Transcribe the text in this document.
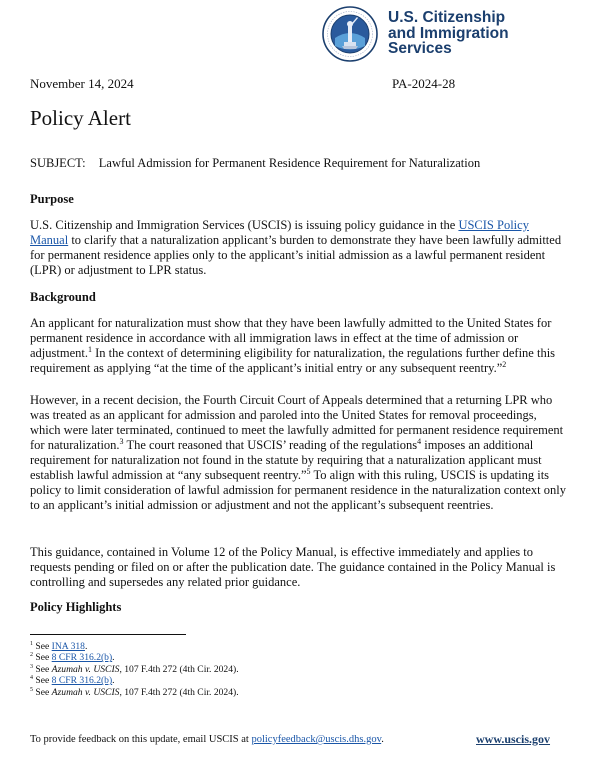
U.S. Citizenship
and Immigration
Services
November 14, 2024	PA-2024-28
Policy Alert
SUBJECT: Lawful Admission for Permanent Residence Requirement for Naturalization
Purpose

U.S. Citizenship and Immigration Services (USCIS) is issuing policy guidance in the USCIS Policy
Manual to clarify that a naturalization applicant’s burden to demonstrate they have been lawfully admitted for permanent residence applies only to the applicant’s initial admission as a lawful permanent resident (LPR) or adjustment to LPR status.

Background

An applicant for naturalization must show that they have been lawfully admitted to the United States for permanent residence in accordance with all immigration laws in effect at the time of admission or adjustment.$^1$ In the context of determining eligibility for naturalization, the regulations further define this requirement as applying “at the time of the applicant’s initial entry or any subsequent reentry.”$^2$

However, in a recent decision, the Fourth Circuit Court of Appeals determined that a returning LPR who was treated as an applicant for admission and paroled into the United States for removal proceedings, which were later terminated, continued to meet the lawfully admitted for permanent residence requirement for naturalization.$^3$ The court reasoned that USCIS’ reading of the regulations$^4$ imposes an additional requirement for naturalization not found in the statute by requiring that a naturalization applicant must establish lawful admission at “any subsequent reentry.”$^5$ To align with this ruling, USCIS is updating its policy to limit consideration of lawful admission for permanent residence in the naturalization context only to an applicant’s initial admission or adjustment and not the applicant’s subsequent reentries.

This guidance, contained in Volume 12 of the Policy Manual, is effective immediately and applies to requests pending or filed on or after the publication date. The guidance contained in the Policy Manual is controlling and supersedes any related prior guidance.

Policy Highlights
$^1$ See INA 318.
$^2$ See 8 CFR 316.2(b).
$^3$ See Azumah v. USCIS, 107 F.4th 272 (4th Cir. 2024).
$^4$ See 8 CFR 316.2(b).
$^5$ See Azumah v. USCIS, 107 F.4th 272 (4th Cir. 2024).
To provide feedback on this update, email USCIS at policyfeedback@uscis.dhs.gov.	www.uscis.gov
